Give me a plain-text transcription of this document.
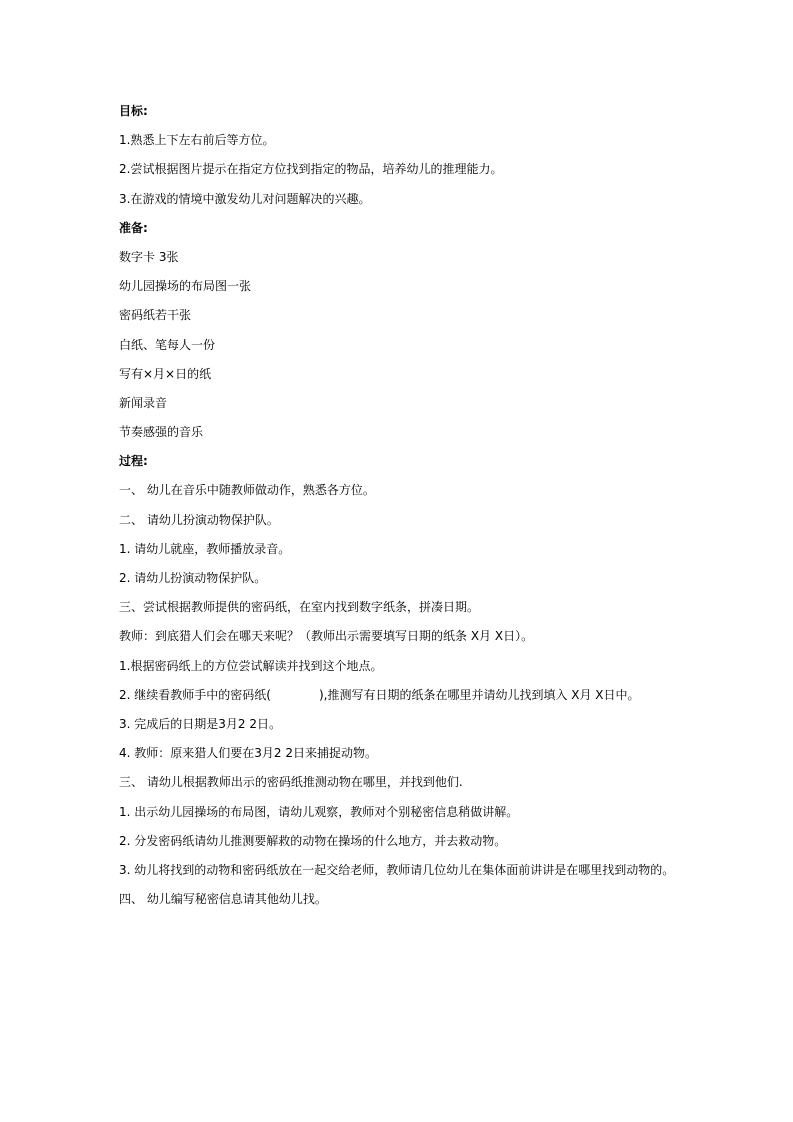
目标:
1.熟悉上下左右前后等方位。
2.尝试根据图片提示在指定方位找到指定的物品，培养幼儿的推理能力。
3.在游戏的情境中激发幼儿对问题解决的兴趣。
准备:
数字卡 3张
幼儿园操场的布局图一张
密码纸若干张
白纸、笔每人一份
写有×月×日的纸
新闻录音
节奏感强的音乐
过程:
一、 幼儿在音乐中随教师做动作，熟悉各方位。
二、 请幼儿扮演动物保护队。
1. 请幼儿就座，教师播放录音。
2. 请幼儿扮演动物保护队。
三、尝试根据教师提供的密码纸，在室内找到数字纸条，拼凑日期。
教师：到底猎人们会在哪天来呢？（教师出示需要填写日期的纸条 X月 X日）。
1.根据密码纸上的方位尝试解读并找到这个地点。
2. 继续看教师手中的密码纸(	),推测写有日期的纸条在哪里并请幼儿找到填入 X月 X日中。
3. 完成后的日期是3月2 2日。
4. 教师：原来猎人们要在3月2 2日来捕捉动物。
三、 请幼儿根据教师出示的密码纸推测动物在哪里，并找到他们.
1. 出示幼儿园操场的布局图，请幼儿观察，教师对个别秘密信息稍做讲解。
2. 分发密码纸请幼儿推测要解救的动物在操场的什么地方，并去救动物。
3. 幼儿将找到的动物和密码纸放在一起交给老师，教师请几位幼儿在集体面前讲讲是在哪里找到动物的。
四、 幼儿编写秘密信息请其他幼儿找。
